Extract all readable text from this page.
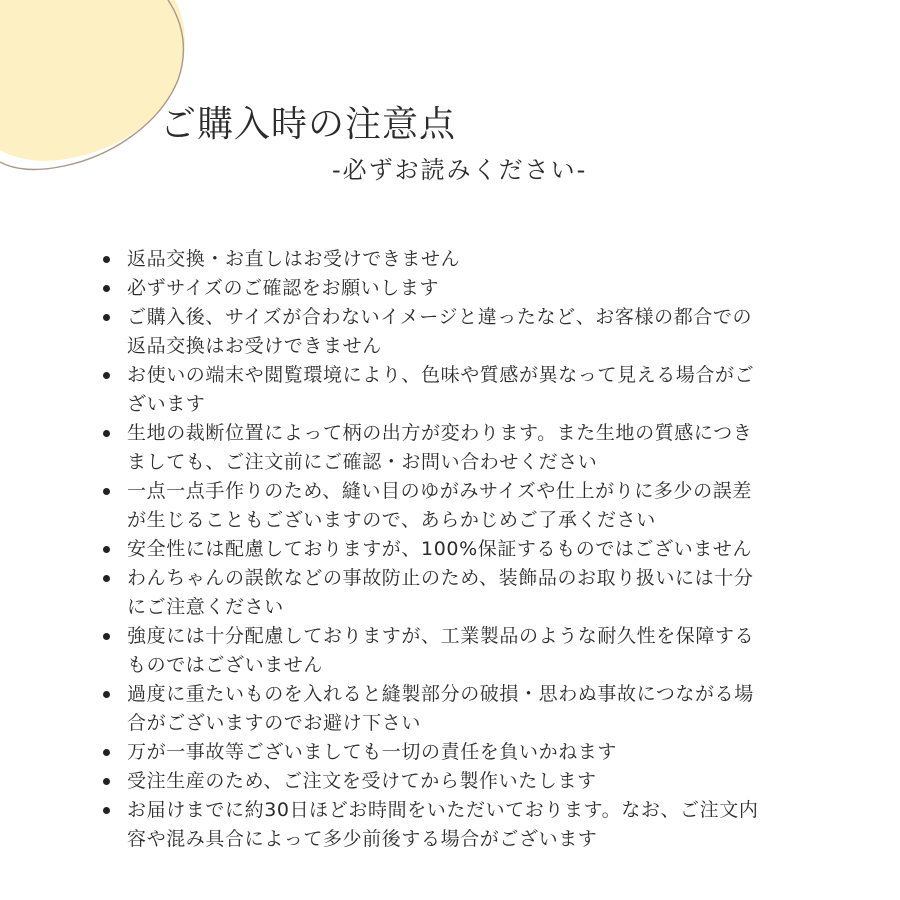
ご購入時の注意点
-必ずお読みください-
返品交換・お直しはお受けできません
必ずサイズのご確認をお願いします
ご購入後、サイズが合わないイメージと違ったなど、お客様の都合での
返品交換はお受けできません
お使いの端末や閲覧環境により、色味や質感が異なって見える場合がご
ざいます
生地の裁断位置によって柄の出方が変わります。また生地の質感につき
ましても、ご注文前にご確認・お問い合わせください
一点一点手作りのため、縫い目のゆがみサイズや仕上がりに多少の誤差
が生じることもございますので、あらかじめご了承ください
安全性には配慮しておりますが、100%保証するものではございません
わんちゃんの誤飲などの事故防止のため、装飾品のお取り扱いには十分
にご注意ください
強度には十分配慮しておりますが、工業製品のような耐久性を保障する
ものではございません
過度に重たいものを入れると縫製部分の破損・思わぬ事故につながる場
合がございますのでお避け下さい
万が一事故等ございましても一切の責任を負いかねます
受注生産のため、ご注文を受けてから製作いたします
お届けまでに約30日ほどお時間をいただいております。なお、ご注文内
容や混み具合によって多少前後する場合がございます
